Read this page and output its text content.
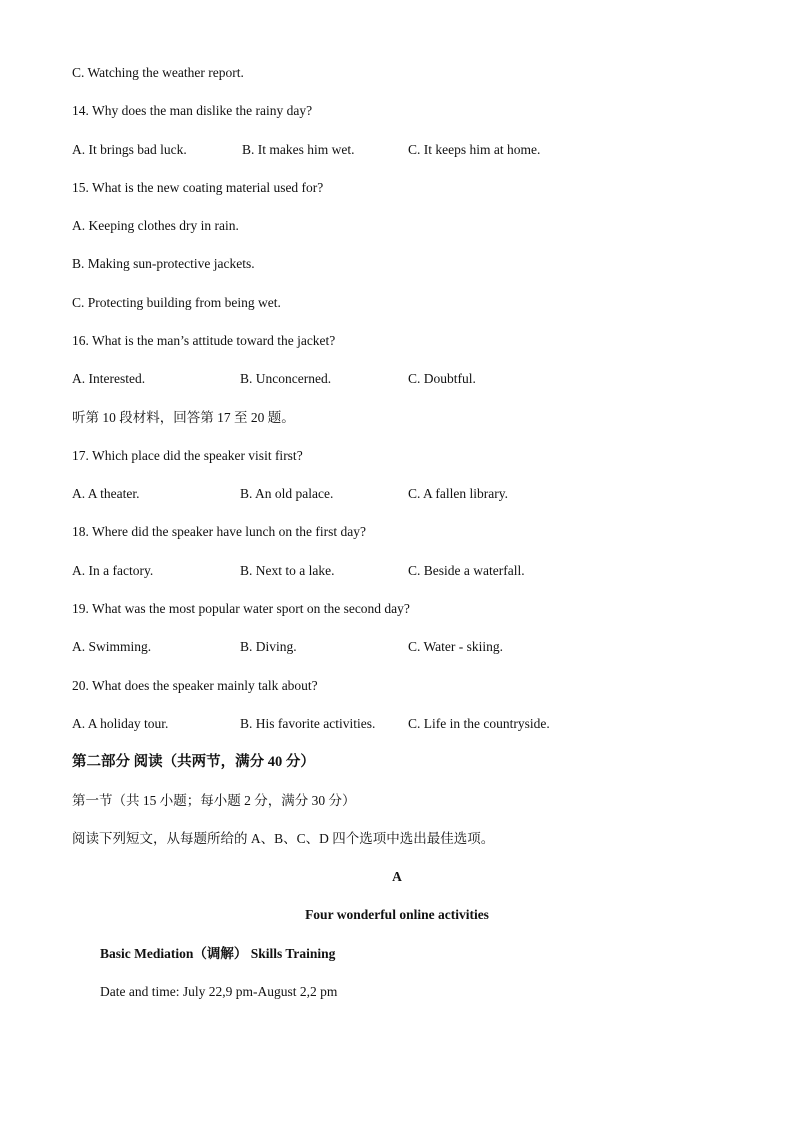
C. Watching the weather report.
14. Why does the man dislike the rainy day?
A. It brings bad luck.	B. It makes him wet.	C. It keeps him at home.
15. What is the new coating material used for?
A. Keeping clothes dry in rain.
B. Making sun-protective jackets.
C. Protecting building from being wet.
16. What is the man’s attitude toward the jacket?
A. Interested.	B. Unconcerned.	C. Doubtful.
听第 10 段材料，回答第 17 至 20 题。
17. Which place did the speaker visit first?
A. A theater.	B. An old palace.	C. A fallen library.
18. Where did the speaker have lunch on the first day?
A. In a factory.	B. Next to a lake.	C. Beside a waterfall.
19. What was the most popular water sport on the second day?
A. Swimming.	B. Diving.	C. Water - skiing.
20. What does the speaker mainly talk about?
A. A holiday tour.	B. His favorite activities. C. Life in the countryside.
第二部分 阅读（共两节，满分 40 分）
第一节（共 15 小题；每小题 2 分，满分 30 分）
阅读下列短文，从每题所给的 A、B、C、D 四个选项中选出最佳选项。
A
Four wonderful online activities
Basic Mediation（调解） Skills Training
Date and time: July 22,9 pm-August 2,2 pm
